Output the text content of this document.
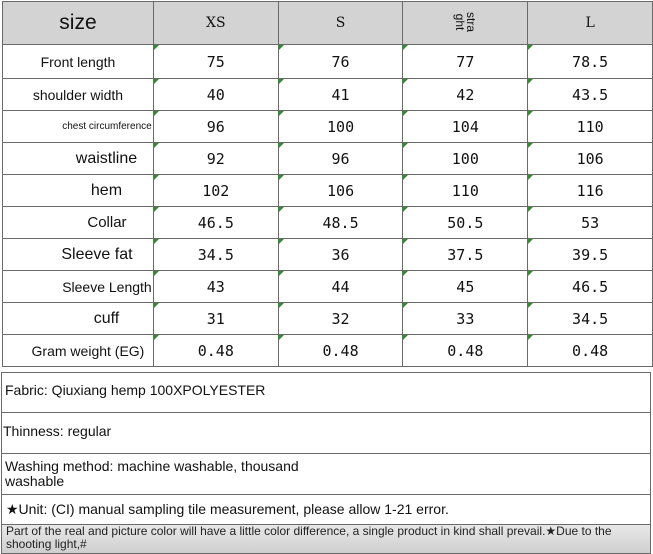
size	XS	S	stra ght	L
Front length	75	76	77	78.5
shoulder width	40	41	42	43.5
chest circumference	96	100	104	110
waistline	92	96	100	106
hem	102	106	110	116
Collar	46.5	48.5	50.5	53
Sleeve fat	34.5	36	37.5	39.5
Sleeve Length	43	44	45	46.5
cuff	31	32	33	34.5
Gram weight (EG)	0.48	0.48	0.48	0.48
Fabric: Qiuxiang hemp 100XPOLYESTER
Thinness: regular
Washing method: machine washable, thousand washable
★Unit: (CI) manual sampling tile measurement, please allow 1-21 error.
Part of the real and picture color will have a little color difference, a single product in kind shall prevail.★Due to the shooting light,#
